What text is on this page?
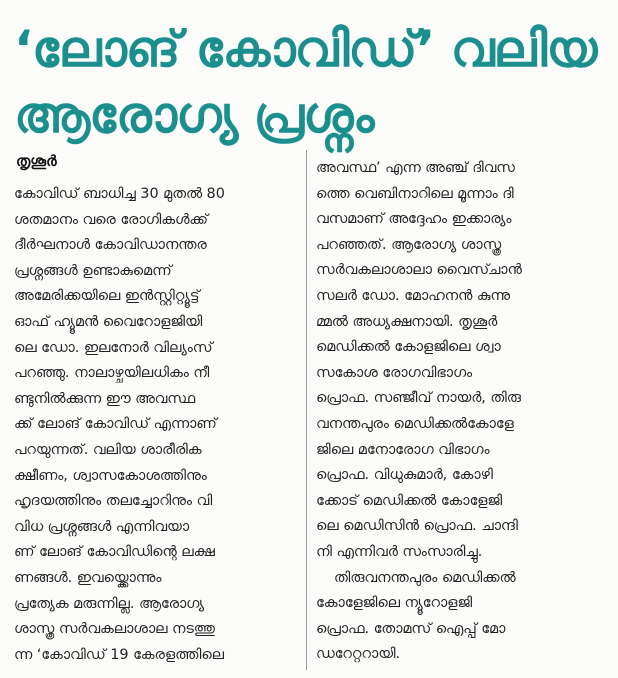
‘ലോങ് കോവിഡ്’ വലിയ
ആരോഗ്യ പ്രശ്നം
തൃശൂർ
കോവിഡ് ബാധിച്ച 30 മുതൽ 80
ശതമാനം വരെ രോഗികൾക്ക്
ദീർഘനാൾ കോവിഡാനന്തര
പ്രശ്നങ്ങൾ ഉണ്ടാകുമെന്ന്
അമേരിക്കയിലെ ഇൻസ്റ്റിറ്റ്യൂട്ട്
ഓഫ് ഹ്യൂമൻ വൈറോളജിയി
ലെ ഡോ. ഇലനോർ വില്യംസ്
പറഞ്ഞു. നാലാഴ്ചയിലധികം നീ
ണ്ടുനിൽക്കുന്ന ഈ അവസ്ഥ
ക്ക് ലോങ് കോവിഡ് എന്നാണ്
പറയുന്നത്. വലിയ ശാരീരിക
ക്ഷീണം, ശ്വാസകോശത്തിനും
ഹൃദയത്തിനും തലച്ചോറിനും വി
വിധ പ്രശ്നങ്ങൾ എന്നിവയാ
ണ് ലോങ് കോവിഡിന്റെ ലക്ഷ
ണങ്ങൾ. ഇവയ്ക്കൊന്നും
പ്രത്യേക മരുന്നില്ല. ആരോഗ്യ
ശാസ്ത്ര സർവകലാശാല നടത്തു
ന്ന ‘കോവിഡ് 19 കേരളത്തിലെ
അവസ്ഥ’ എന്ന അഞ്ച് ദിവസ
ത്തെ വെബിനാറിലെ മൂന്നാം ദി
വസമാണ് അദ്ദേഹം ഇക്കാര്യം
പറഞ്ഞത്. ആരോഗ്യ ശാസ്ത്ര
സർവകലാശാലാ വൈസ്ചാൻ
സലർ ഡോ. മോഹനൻ കുന്നു
മ്മൽ അധ്യക്ഷനായി. തൃശൂർ
മെഡിക്കൽ കോളജിലെ ശ്വാ
സകോശ രോഗവിഭാഗം
പ്രൊഫ. സഞ്ജീവ് നായർ, തിരു
വനന്തപുരം മെഡിക്കൽകോളേ
ജിലെ മനോരോഗ വിഭാഗം
പ്രൊഫ. വിധുകുമാർ, കോഴി
ക്കോട് മെഡിക്കൽ കോളേജി
ലെ മെഡിസിൻ പ്രൊഫ. ചാന്ദി
നി എന്നിവർ സംസാരിച്ചു.
തിരുവനന്തപുരം മെഡിക്കൽ
കോളേജിലെ ന്യൂറോളജി
പ്രൊഫ. തോമസ് ഐപ്പ് മോ
ഡറേറ്ററായി.
